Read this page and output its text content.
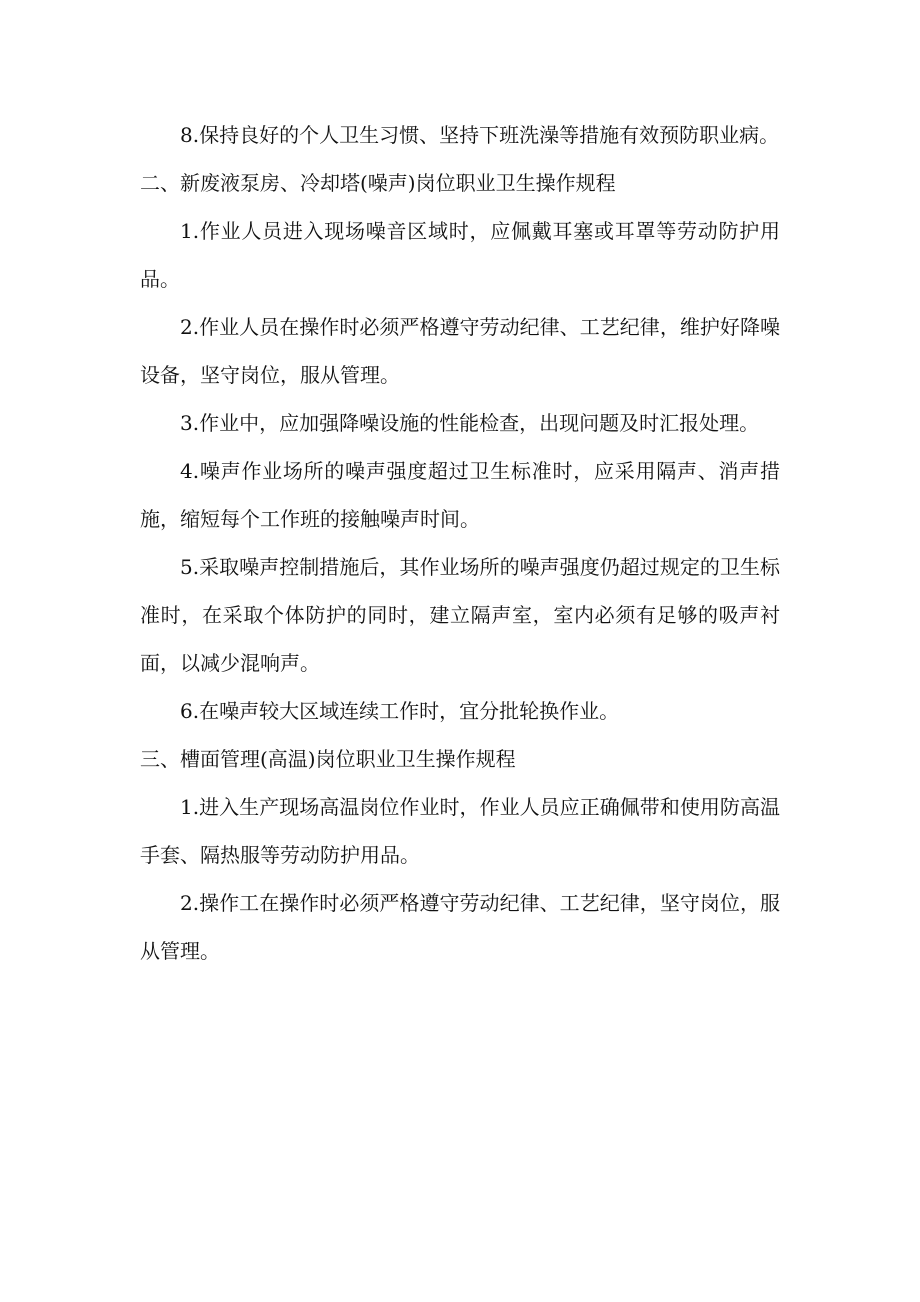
8.保持良好的个人卫生习惯、坚持下班洗澡等措施有效预防职业病。

二、新废液泵房、冷却塔(噪声)岗位职业卫生操作规程

1.作业人员进入现场噪音区域时，应佩戴耳塞或耳罩等劳动防护用品。

2.作业人员在操作时必须严格遵守劳动纪律、工艺纪律，维护好降噪设备，坚守岗位，服从管理。

3.作业中，应加强降噪设施的性能检查，出现问题及时汇报处理。

4.噪声作业场所的噪声强度超过卫生标准时，应采用隔声、消声措施，缩短每个工作班的接触噪声时间。

5.采取噪声控制措施后，其作业场所的噪声强度仍超过规定的卫生标准时，在采取个体防护的同时，建立隔声室，室内必须有足够的吸声衬面，以减少混响声。

6.在噪声较大区域连续工作时，宜分批轮换作业。

三、槽面管理(高温)岗位职业卫生操作规程

1.进入生产现场高温岗位作业时，作业人员应正确佩带和使用防高温手套、隔热服等劳动防护用品。

2.操作工在操作时必须严格遵守劳动纪律、工艺纪律，坚守岗位，服从管理。
